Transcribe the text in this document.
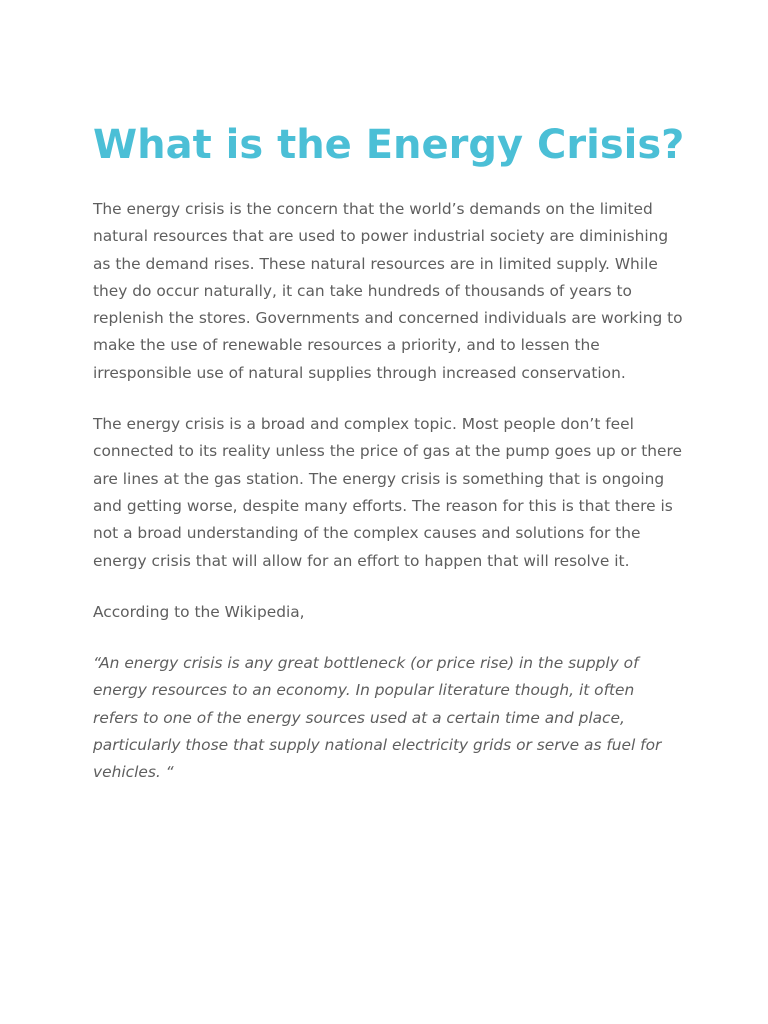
What is the Energy Crisis?

The energy crisis is the concern that the world’s demands on the limited natural resources that are used to power industrial society are diminishing as the demand rises. These natural resources are in limited supply. While they do occur naturally, it can take hundreds of thousands of years to replenish the stores. Governments and concerned individuals are working to make the use of renewable resources a priority, and to lessen the irresponsible use of natural supplies through increased conservation.

The energy crisis is a broad and complex topic. Most people don’t feel connected to its reality unless the price of gas at the pump goes up or there are lines at the gas station. The energy crisis is something that is ongoing and getting worse, despite many efforts. The reason for this is that there is not a broad understanding of the complex causes and solutions for the energy crisis that will allow for an effort to happen that will resolve it.

According to the Wikipedia,

“An energy crisis is any great bottleneck (or price rise) in the supply of energy resources to an economy. In popular literature though, it often refers to one of the energy sources used at a certain time and place, particularly those that supply national electricity grids or serve as fuel for vehicles. “
